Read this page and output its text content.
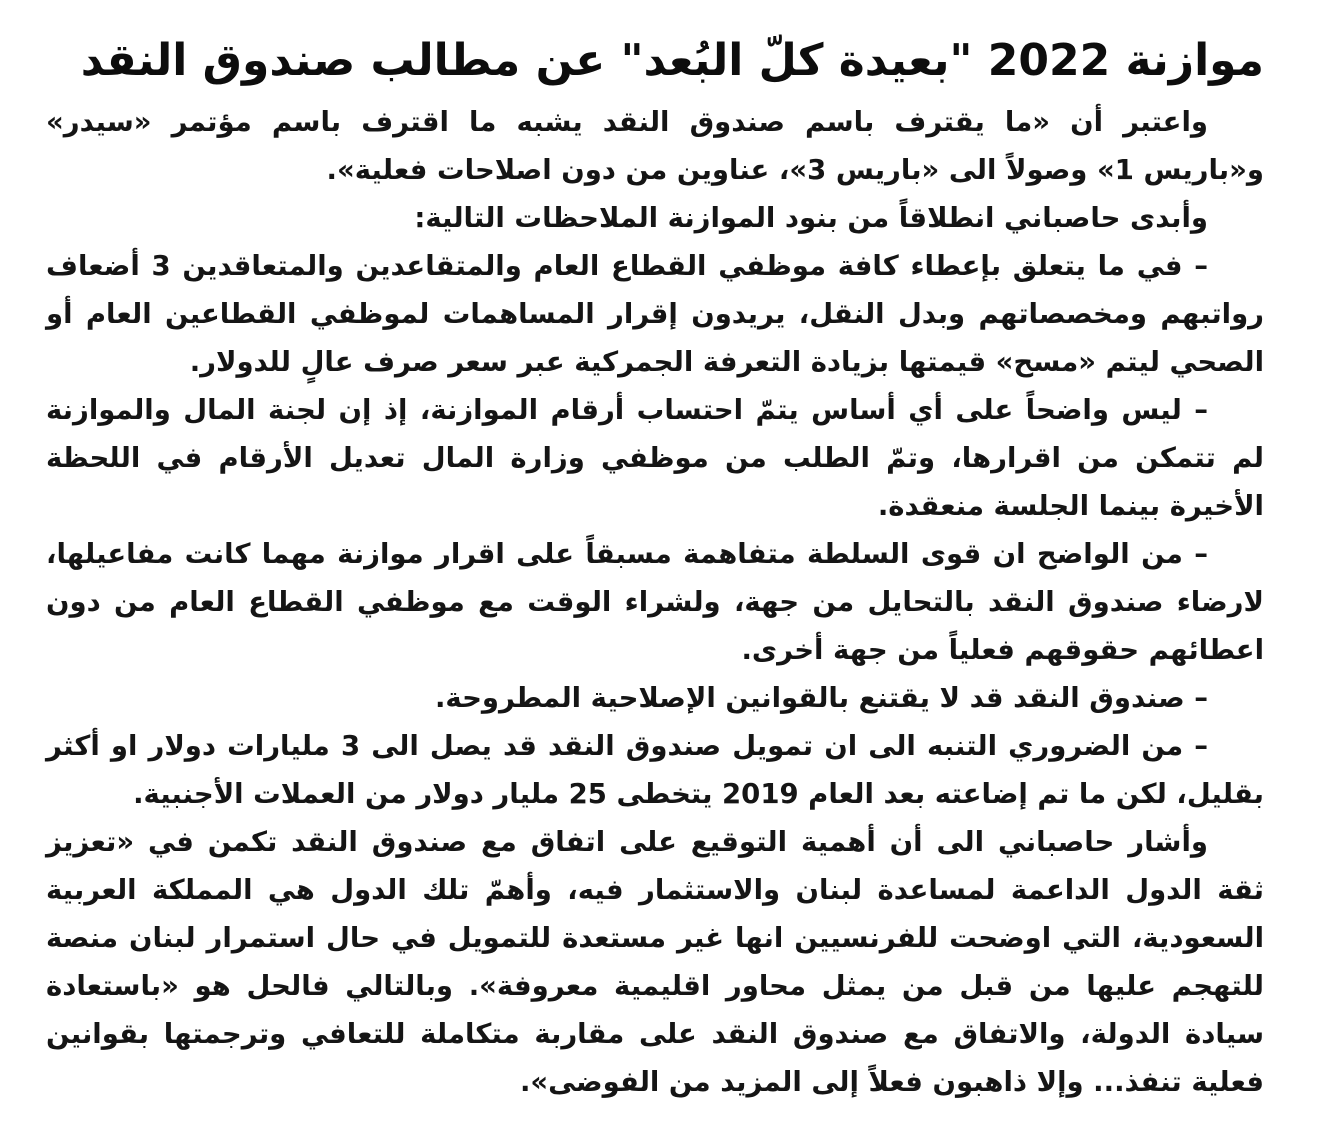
موازنة 2022 "بعيدة كلّ البُعد" عن مطالب صندوق النقد

واعتبر أن «ما يقترف باسم صندوق النقد يشبه ما اقترف باسم مؤتمر «سيدر» و«باريس 1» وصولاً الى «باريس 3»، عناوين من دون اصلاحات فعلية».

وأبدى حاصباني انطلاقاً من بنود الموازنة الملاحظات التالية:

– في ما يتعلق بإعطاء كافة موظفي القطاع العام والمتقاعدين والمتعاقدين 3 أضعاف رواتبهم ومخصصاتهم وبدل النقل، يريدون إقرار المساهمات لموظفي القطاعين العام أو الصحي ليتم «مسح» قيمتها بزيادة التعرفة الجمركية عبر سعر صرف عالٍ للدولار.

– ليس واضحاً على أي أساس يتمّ احتساب أرقام الموازنة، إذ إن لجنة المال والموازنة لم تتمكن من اقرارها، وتمّ الطلب من موظفي وزارة المال تعديل الأرقام في اللحظة الأخيرة بينما الجلسة منعقدة.

– من الواضح ان قوى السلطة متفاهمة مسبقاً على اقرار موازنة مهما كانت مفاعيلها، لارضاء صندوق النقد بالتحايل من جهة، ولشراء الوقت مع موظفي القطاع العام من دون اعطائهم حقوقهم فعلياً من جهة أخرى.

– صندوق النقد قد لا يقتنع بالقوانين الإصلاحية المطروحة.

– من الضروري التنبه الى ان تمويل صندوق النقد قد يصل الى 3 مليارات دولار او أكثر بقليل، لكن ما تم إضاعته بعد العام 2019 يتخطى 25 مليار دولار من العملات الأجنبية.

وأشار حاصباني الى أن أهمية التوقيع على اتفاق مع صندوق النقد تكمن في «تعزيز ثقة الدول الداعمة لمساعدة لبنان والاستثمار فيه، وأهمّ تلك الدول هي المملكة العربية السعودية، التي اوضحت للفرنسيين انها غير مستعدة للتمويل في حال استمرار لبنان منصة للتهجم عليها من قبل من يمثل محاور اقليمية معروفة». وبالتالي فالحل هو «باستعادة سيادة الدولة، والاتفاق مع صندوق النقد على مقاربة متكاملة للتعافي وترجمتها بقوانين فعلية تنفذ... وإلا ذاهبون فعلاً إلى المزيد من الفوضى».
